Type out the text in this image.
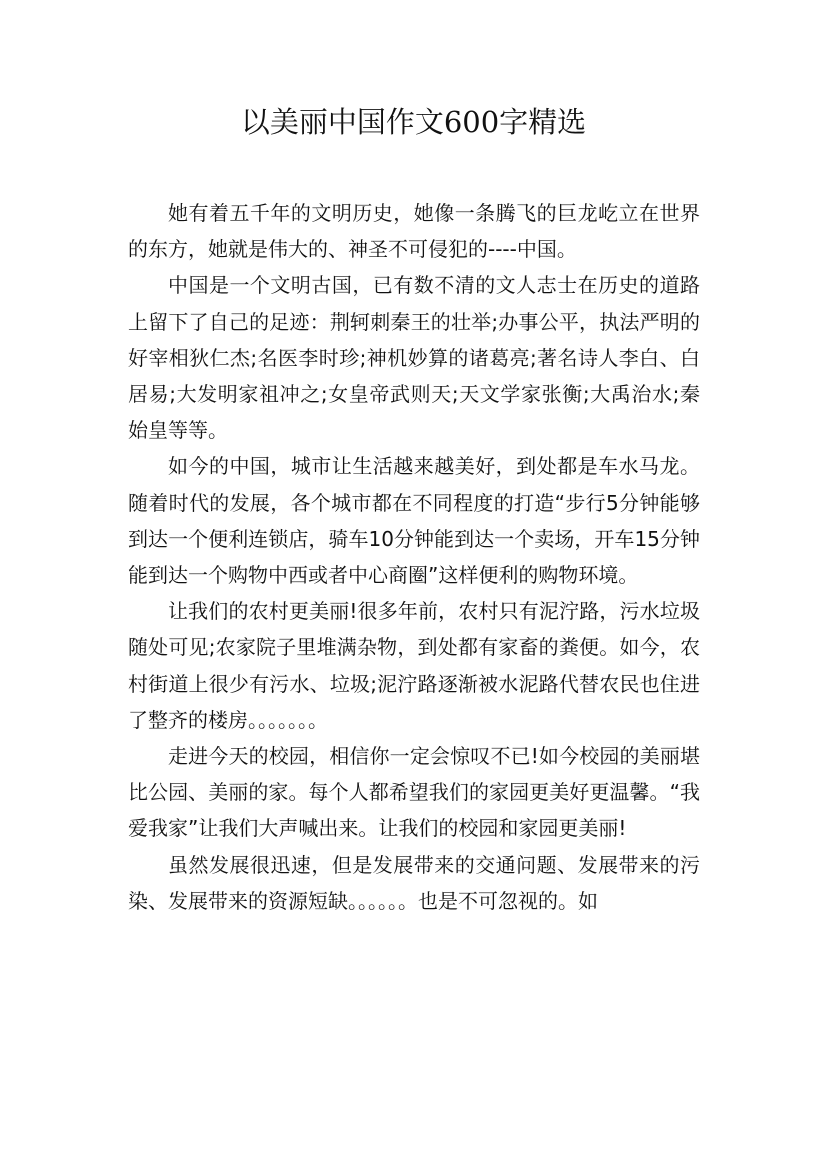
以美丽中国作文600字精选

她有着五千年的文明历史，她像一条腾飞的巨龙屹立在世界的东方，她就是伟大的、神圣不可侵犯的----中国。

中国是一个文明古国，已有数不清的文人志士在历史的道路上留下了自己的足迹：荆轲刺秦王的壮举;办事公平，执法严明的好宰相狄仁杰;名医李时珍;神机妙算的诸葛亮;著名诗人李白、白居易;大发明家祖冲之;女皇帝武则天;天文学家张衡;大禹治水;秦始皇等等。

如今的中国，城市让生活越来越美好，到处都是车水马龙。随着时代的发展，各个城市都在不同程度的打造“步行5分钟能够到达一个便利连锁店，骑车10分钟能到达一个卖场，开车15分钟能到达一个购物中西或者中心商圈”这样便利的购物环境。

让我们的农村更美丽!很多年前，农村只有泥泞路，污水垃圾随处可见;农家院子里堆满杂物，到处都有家畜的粪便。如今，农村街道上很少有污水、垃圾;泥泞路逐渐被水泥路代替农民也住进了整齐的楼房。。。。。。。

走进今天的校园，相信你一定会惊叹不已!如今校园的美丽堪比公园、美丽的家。每个人都希望我们的家园更美好更温馨。“我爱我家”让我们大声喊出来。让我们的校园和家园更美丽!

虽然发展很迅速，但是发展带来的交通问题、发展带来的污染、发展带来的资源短缺。。。。。。也是不可忽视的。如
